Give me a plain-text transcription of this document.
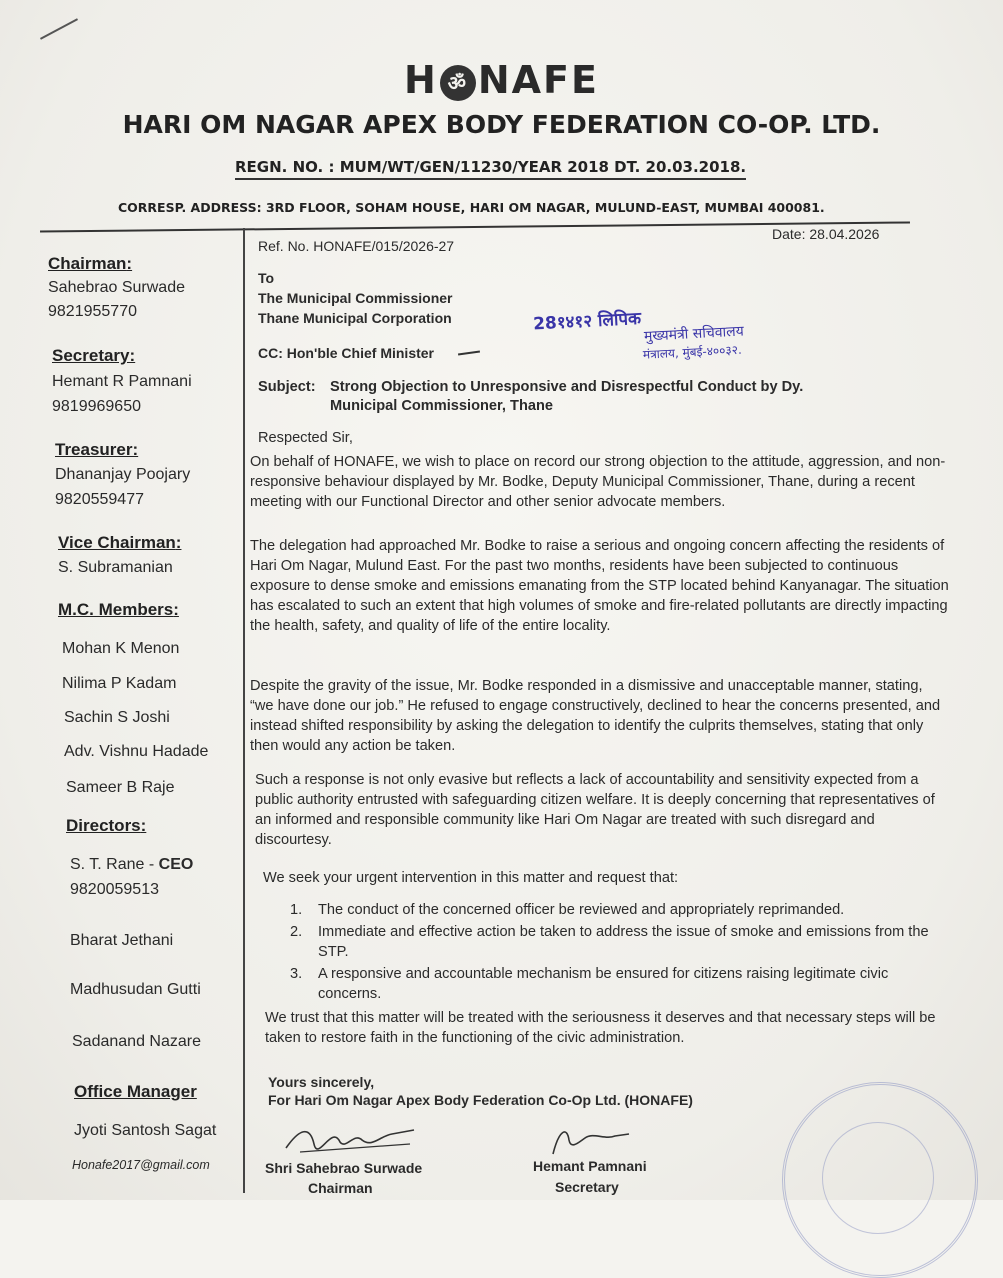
H ॐ NAFE
HARI OM NAGAR APEX BODY FEDERATION CO-OP. LTD.
REGN. NO. : MUM/WT/GEN/11230/YEAR 2018 DT. 20.03.2018.
CORRESP. ADDRESS: 3RD FLOOR, SOHAM HOUSE, HARI OM NAGAR, MULUND-EAST, MUMBAI 400081.
Chairman:
Sahebrao Surwade
9821955770
Secretary:
Hemant R Pamnani
9819969650
Treasurer:
Dhananjay Poojary
9820559477
Vice Chairman:
S. Subramanian
M.C. Members:
Mohan K Menon
Nilima P Kadam
Sachin S Joshi
Adv. Vishnu Hadade
Sameer B Raje
Directors:
S. T. Rane - CEO
9820059513
Bharat Jethani
Madhusudan Gutti
Sadanand Nazare
Office Manager
Jyoti Santosh Sagat
Honafe2017@gmail.com
Ref. No. HONAFE/015/2026-27
Date: 28.04.2026
To
The Municipal Commissioner
Thane Municipal Corporation
CC: Hon'ble Chief Minister
28१४१२ लिपिक मुख्यमंत्री सचिवालय
मंत्रालय, मुंबई-४००३२.
Subject: Strong Objection to Unresponsive and Disrespectful Conduct by Dy.
Municipal Commissioner, Thane
Respected Sir,
On behalf of HONAFE, we wish to place on record our strong objection to the attitude, aggression, and non-responsive behaviour displayed by Mr. Bodke, Deputy Municipal Commissioner, Thane, during a recent meeting with our Functional Director and other senior advocate members.
The delegation had approached Mr. Bodke to raise a serious and ongoing concern affecting the residents of Hari Om Nagar, Mulund East. For the past two months, residents have been subjected to continuous exposure to dense smoke and emissions emanating from the STP located behind Kanyanagar. The situation has escalated to such an extent that high volumes of smoke and fire-related pollutants are directly impacting the health, safety, and quality of life of the entire locality.
Despite the gravity of the issue, Mr. Bodke responded in a dismissive and unacceptable manner, stating, “we have done our job.” He refused to engage constructively, declined to hear the concerns presented, and instead shifted responsibility by asking the delegation to identify the culprits themselves, stating that only then would any action be taken.
Such a response is not only evasive but reflects a lack of accountability and sensitivity expected from a public authority entrusted with safeguarding citizen welfare. It is deeply concerning that representatives of an informed and responsible community like Hari Om Nagar are treated with such disregard and discourtesy.
We seek your urgent intervention in this matter and request that:
1.	The conduct of the concerned officer be reviewed and appropriately reprimanded.
2.	Immediate and effective action be taken to address the issue of smoke and emissions from the STP.
3.	A responsive and accountable mechanism be ensured for citizens raising legitimate civic concerns.
We trust that this matter will be treated with the seriousness it deserves and that necessary steps will be taken to restore faith in the functioning of the civic administration.
Yours sincerely,
For Hari Om Nagar Apex Body Federation Co-Op Ltd. (HONAFE)
Shri Sahebrao Surwade
Chairman
Hemant Pamnani
Secretary
